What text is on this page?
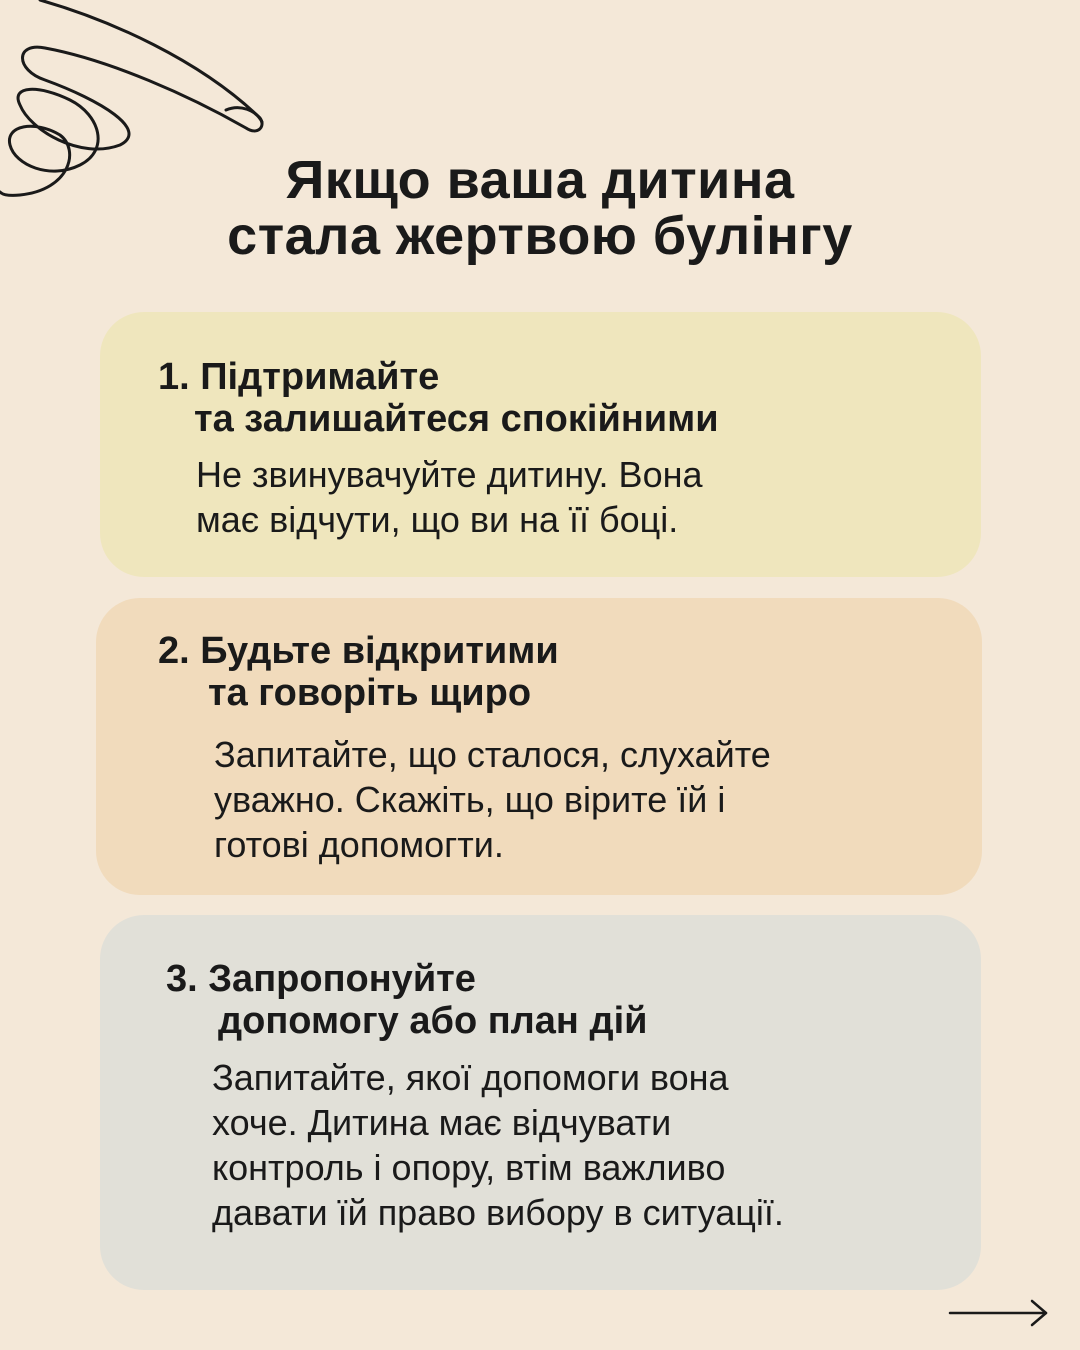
Якщо ваша дитина
стала жертвою булінгу
1. Підтримайте
та залишайтеся спокійними
Не звинувачуйте дитину. Вона
має відчути, що ви на її боці.
2. Будьте відкритими
та говоріть щиро
Запитайте, що сталося, слухайте
уважно. Скажіть, що вірите їй і
готові допомогти.
3. Запропонуйте
допомогу або план дій
Запитайте, якої допомоги вона
хоче. Дитина має відчувати
контроль і опору, втім важливо
давати їй право вибору в ситуації.
